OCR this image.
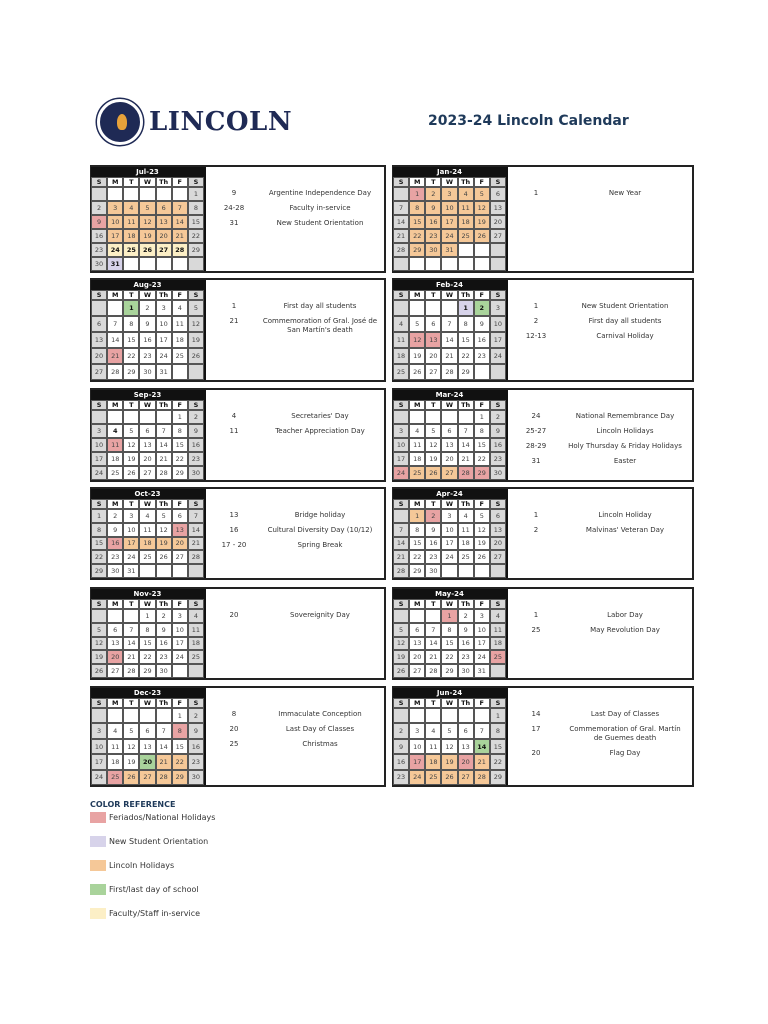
LINCOLN	2023-24 Lincoln Calendar
Jul-23
S	M	T	W	Th	F	S
1
2	3	4	5	6	7	8
9	10	11	12	13	14	15
16	17	18	19	20	21	22
23	24	25	26	27	28	29
30	31
9	Argentine Independence Day
24-28	Faculty in-service
31	New Student Orientation
Aug-23
S	M	T	W	Th	F	S
1	2	3	4	5
6	7	8	9	10	11	12
13	14	15	16	17	18	19
20	21	22	23	24	25	26
27	28	29	30	31
1	First day all students
21	Commemoration of Gral. José de San Martín's death
Sep-23
S	M	T	W	Th	F	S
1	2
3	4	5	6	7	8	9
10	11	12	13	14	15	16
17	18	19	20	21	22	23
24	25	26	27	28	29	30
4	Secretaries' Day
11	Teacher Appreciation Day
Oct-23
S	M	T	W	Th	F	S
1	2	3	4	5	6	7
8	9	10	11	12	13	14
15	16	17	18	19	20	21
22	23	24	25	26	27	28
29	30	31
13	Bridge holiday
16	Cultural Diversity Day (10/12)
17 - 20	Spring Break
Nov-23
S	M	T	W	Th	F	S
1	2	3	4
5	6	7	8	9	10	11
12	13	14	15	16	17	18
19	20	21	22	23	24	25
26	27	28	29	30
20	Sovereignity Day
Dec-23
S	M	T	W	Th	F	S
1	2
3	4	5	6	7	8	9
10	11	12	13	14	15	16
17	18	19	20	21	22	23
24	25	26	27	28	29	30
8	Immaculate Conception
20	Last Day of Classes
25	Christmas
Jan-24
S	M	T	W	Th	F	S
1	2	3	4	5	6
7	8	9	10	11	12	13
14	15	16	17	18	19	20
21	22	23	24	25	26	27
28	29	30	31
1	New Year
Feb-24
S	M	T	W	Th	F	S
1	2	3
4	5	6	7	8	9	10
11	12	13	14	15	16	17
18	19	20	21	22	23	24
25	26	27	28	29
1	New Student Orientation
2	First day all students
12-13	Carnival Holiday
Mar-24
S	M	T	W	Th	F	S
1	2
3	4	5	6	7	8	9
10	11	12	13	14	15	16
17	18	19	20	21	22	23
24	25	26	27	28	29	30
24	National Remembrance Day
25-27	Lincoln Holidays
28-29	Holy Thursday & Friday Holidays
31	Easter
Apr-24
S	M	T	W	Th	F	S
1	2	3	4	5	6
7	8	9	10	11	12	13
14	15	16	17	18	19	20
21	22	23	24	25	26	27
28	29	30
1	Lincoln Holiday
2	Malvinas' Veteran Day
May-24
S	M	T	W	Th	F	S
1	2	3	4
5	6	7	8	9	10	11
12	13	14	15	16	17	18
19	20	21	22	23	24	25
26	27	28	29	30	31
1	Labor Day
25	May Revolution Day
Jun-24
S	M	T	W	Th	F	S
1
2	3	4	5	6	7	8
9	10	11	12	13	14	15
16	17	18	19	20	21	22
23	24	25	26	27	28	29
14	Last Day of Classes
17	Commemoration of Gral. Martín de Guemes death
20	Flag Day
COLOR REFERENCE
Feriados/National Holidays
New Student Orientation
Lincoln Holidays
First/last day of school
Faculty/Staff in-service
